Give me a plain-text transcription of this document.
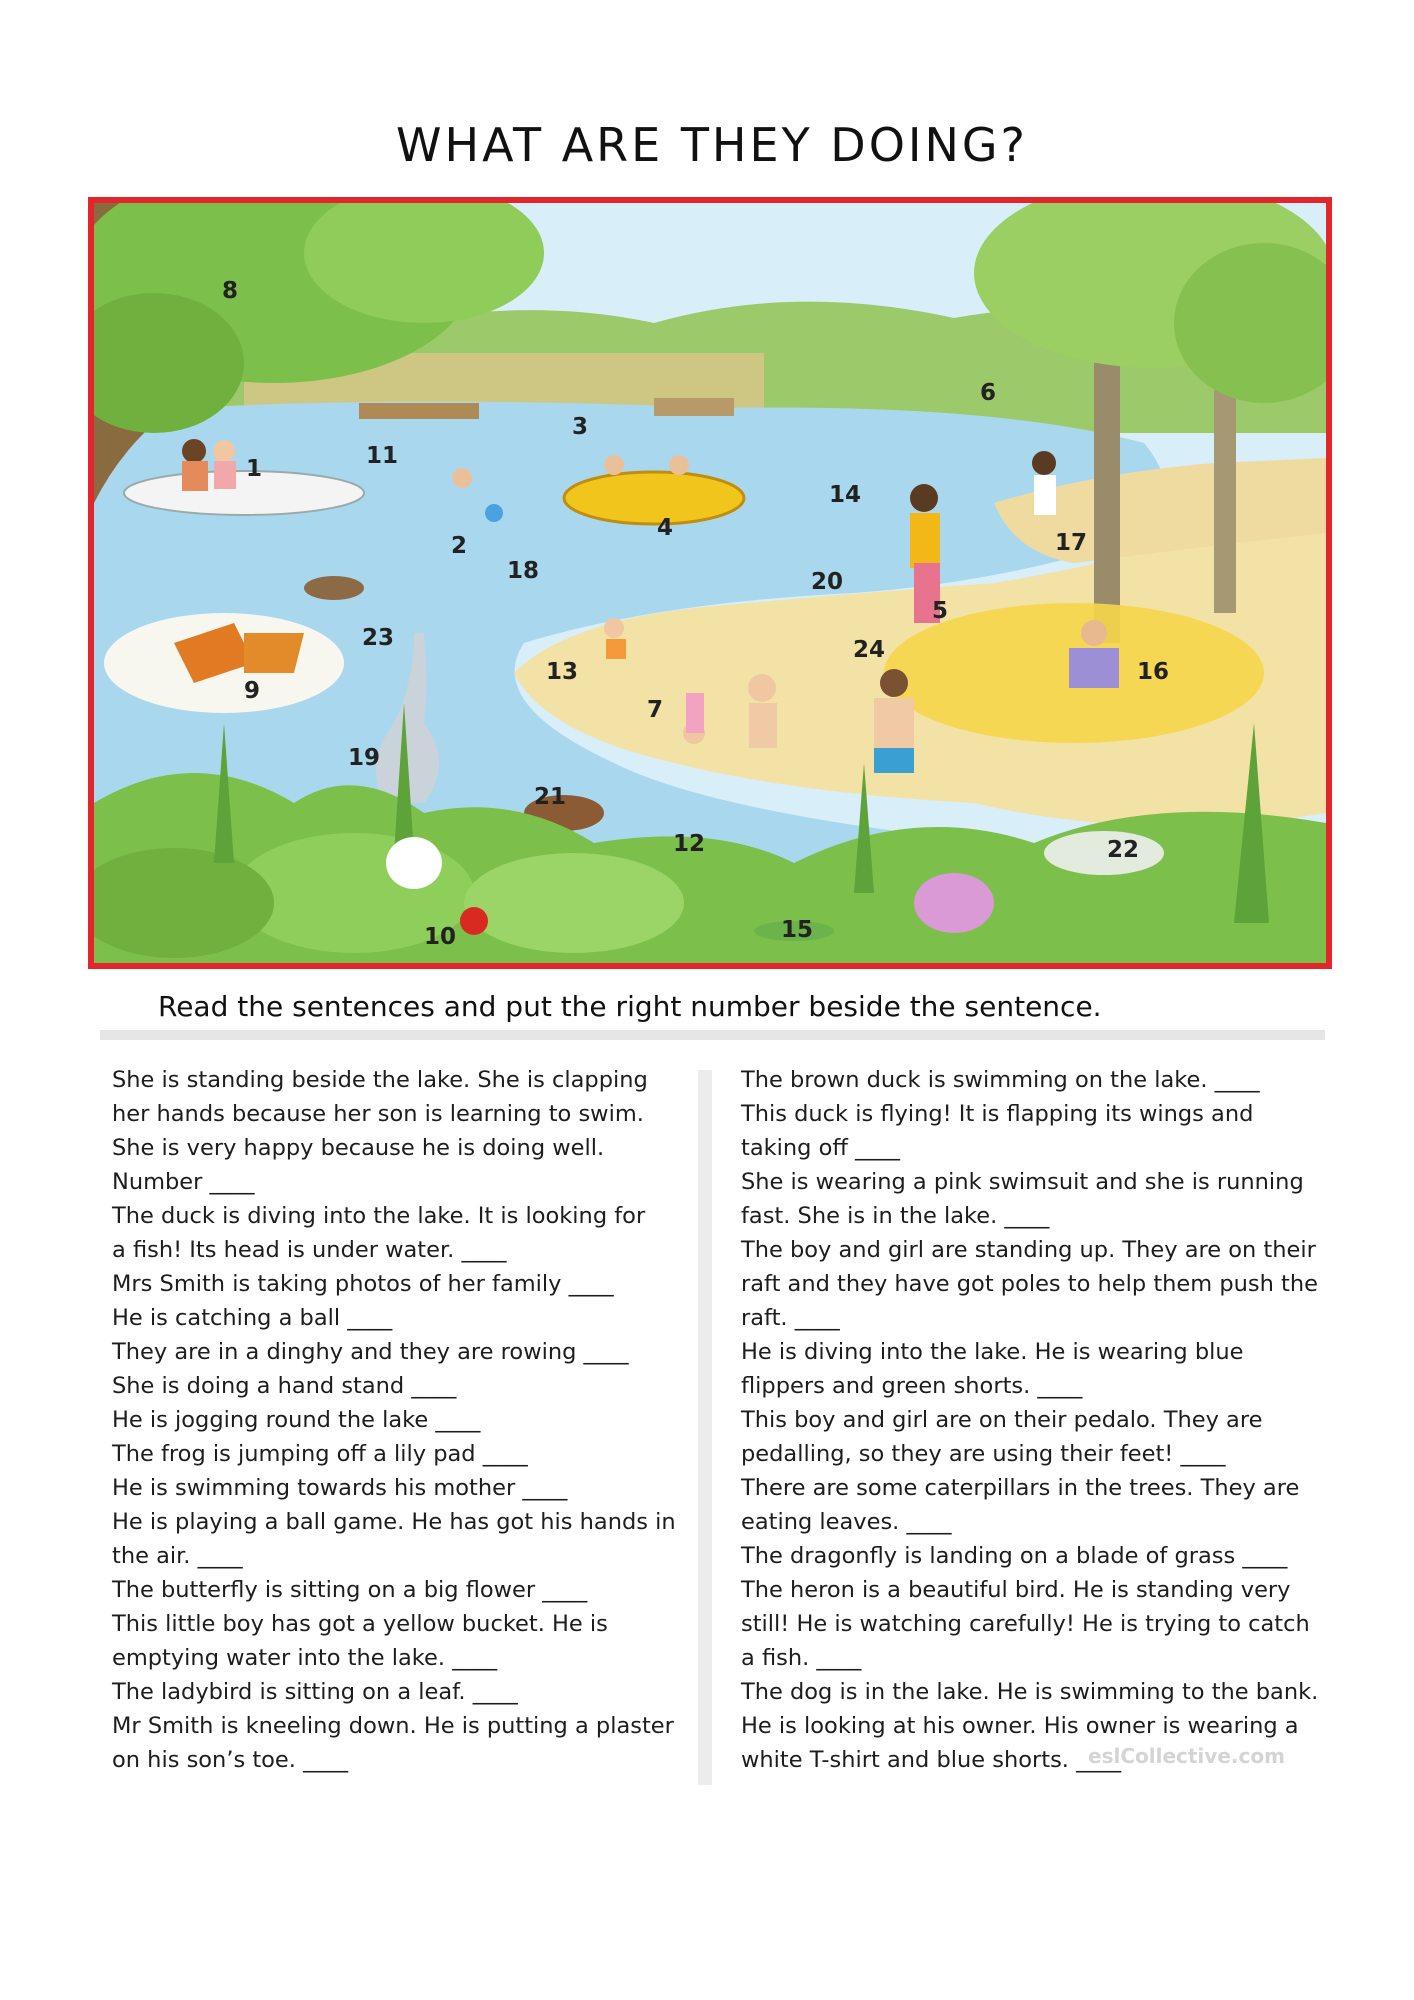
WHAT ARE THEY DOING?
1
2
3
4
5
6
7
8
9
10
11
12
13
14
15
16
17
18
19
20
21
22
23	24
Read the sentences and put the right number beside the sentence.
She is standing beside the lake. She is clapping
her hands because her son is learning to swim.
She is very happy because he is doing well.
Number ____
The duck is diving into the lake. It is looking for
a fish! Its head is under water. ____
Mrs Smith is taking photos of her family ____
He is catching a ball ____
They are in a dinghy and they are rowing ____
She is doing a hand stand ____
He is jogging round the lake ____
The frog is jumping off a lily pad ____
He is swimming towards his mother ____
He is playing a ball game. He has got his hands in
the air. ____
The butterfly is sitting on a big flower ____
This little boy has got a yellow bucket. He is
emptying water into the lake. ____
The ladybird is sitting on a leaf. ____
Mr Smith is kneeling down. He is putting a plaster
on his son’s toe. ____
The brown duck is swimming on the lake. ____
This duck is flying! It is flapping its wings and
taking off ____
She is wearing a pink swimsuit and she is running
fast. She is in the lake. ____
The boy and girl are standing up. They are on their
raft and they have got poles to help them push the
raft. ____
He is diving into the lake. He is wearing blue
flippers and green shorts. ____
This boy and girl are on their pedalo. They are
pedalling, so they are using their feet! ____
There are some caterpillars in the trees. They are
eating leaves. ____
The dragonfly is landing on a blade of grass ____
The heron is a beautiful bird. He is standing very
still! He is watching carefully! He is trying to catch
a fish. ____
The dog is in the lake. He is swimming to the bank.
He is looking at his owner. His owner is wearing a
white T-shirt and blue shorts. ____
eslCollective.com
